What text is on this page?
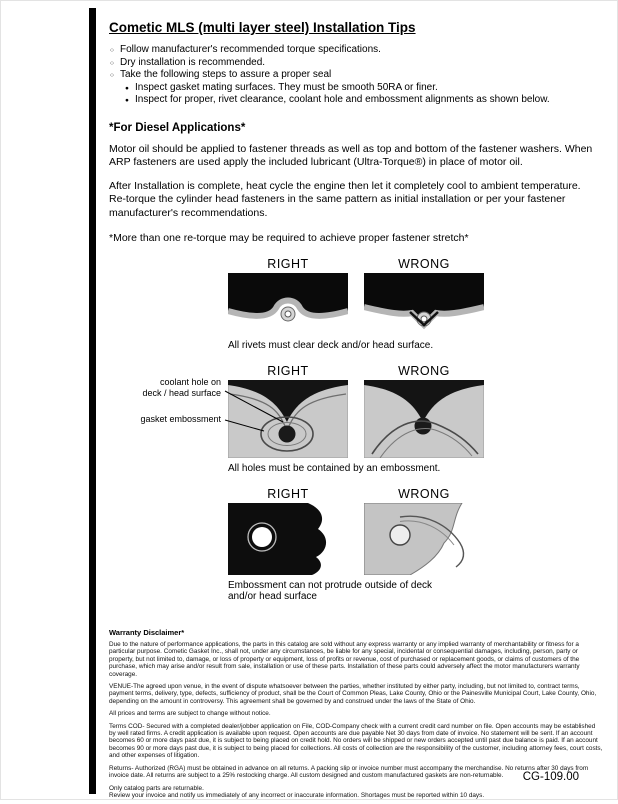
Cometic MLS (multi layer steel) Installation Tips
○ Follow manufacturer's recommended torque specifications.
○ Dry installation is recommended.
○ Take the following steps to assure a proper seal
● Inspect gasket mating surfaces. They must be smooth 50RA or finer.
● Inspect for proper, rivet clearance, coolant hole and embossment alignments as shown below.
*For Diesel Applications*

Motor oil should be applied to fastener threads as well as top and bottom of the fastener washers. When ARP fasteners are used apply the included lubricant (Ultra-Torque®) in place of motor oil.

After Installation is complete, heat cycle the engine then let it completely cool to ambient temperature. Re-torque the cylinder head fasteners in the same pattern as initial installation or per your fastener manufacturer's recommendations.

*More than one re-torque may be required to achieve proper fastener stretch*

RIGHT	WRONG
All rivets must clear deck and/or head surface.
RIGHT	WRONG
coolant hole on
deck / head surface
gasket embossment
All holes must be contained by an embossment.
RIGHT	WRONG
Embossment can not protrude outside of deck
and/or head surface
Warranty Disclaimer*

Due to the nature of performance applications, the parts in this catalog are sold without any express warranty or any implied warranty of merchantability or fitness for a particular purpose. Cometic Gasket Inc., shall not, under any circumstances, be liable for any special, incidental or consequential damages, including, person, party or property, but not limited to, damage, or loss of property or equipment, loss of profits or revenue, cost of purchased or replacement goods, or claims of customers of the purchase, which may arise and/or result from sale, installation or use of these parts. Installation of these parts could adversely affect the motor manufacturers warranty coverage.

VENUE-The agreed upon venue, in the event of dispute whatsoever between the parties, whether instituted by either party, including, but not limited to, contract terms, payment terms, delivery, type, defects, sufficiency of product, shall be the Court of Common Pleas, Lake County, Ohio or the Painesville Municipal Court, Lake County, Ohio, depending on the amount in controversy. This agreement shall be governed by and construed under the laws of the State of Ohio.

All prices and terms are subject to change without notice.

Terms COD- Secured with a completed dealer/jobber application on File, COD-Company check with a current credit card number on file. Open accounts may be established by well rated firms. A credit application is available upon request. Open accounts are due payable Net 30 days from date of invoice. No statement will be sent. If an account becomes 60 or more days past due, it is subject to being placed on credit hold. No orders will be shipped or new orders accepted until past due balance is paid. If an account becomes 90 or more days past due, it is subject to being placed for collections. All costs of collection are the responsibility of the customer, including attorney fees, court costs, and other expenses of litigation.

Returns- Authorized (RGA) must be obtained in advance on all returns. A packing slip or invoice number must accompany the merchandise. No returns after 30 days from invoice date. All returns are subject to a 25% restocking charge. All custom designed and custom manufactured gaskets are non-returnable.

Only catalog parts are returnable.

Review your invoice and notify us immediately of any incorrect or inaccurate information. Shortages must be reported within 10 days.

CG-109.00
